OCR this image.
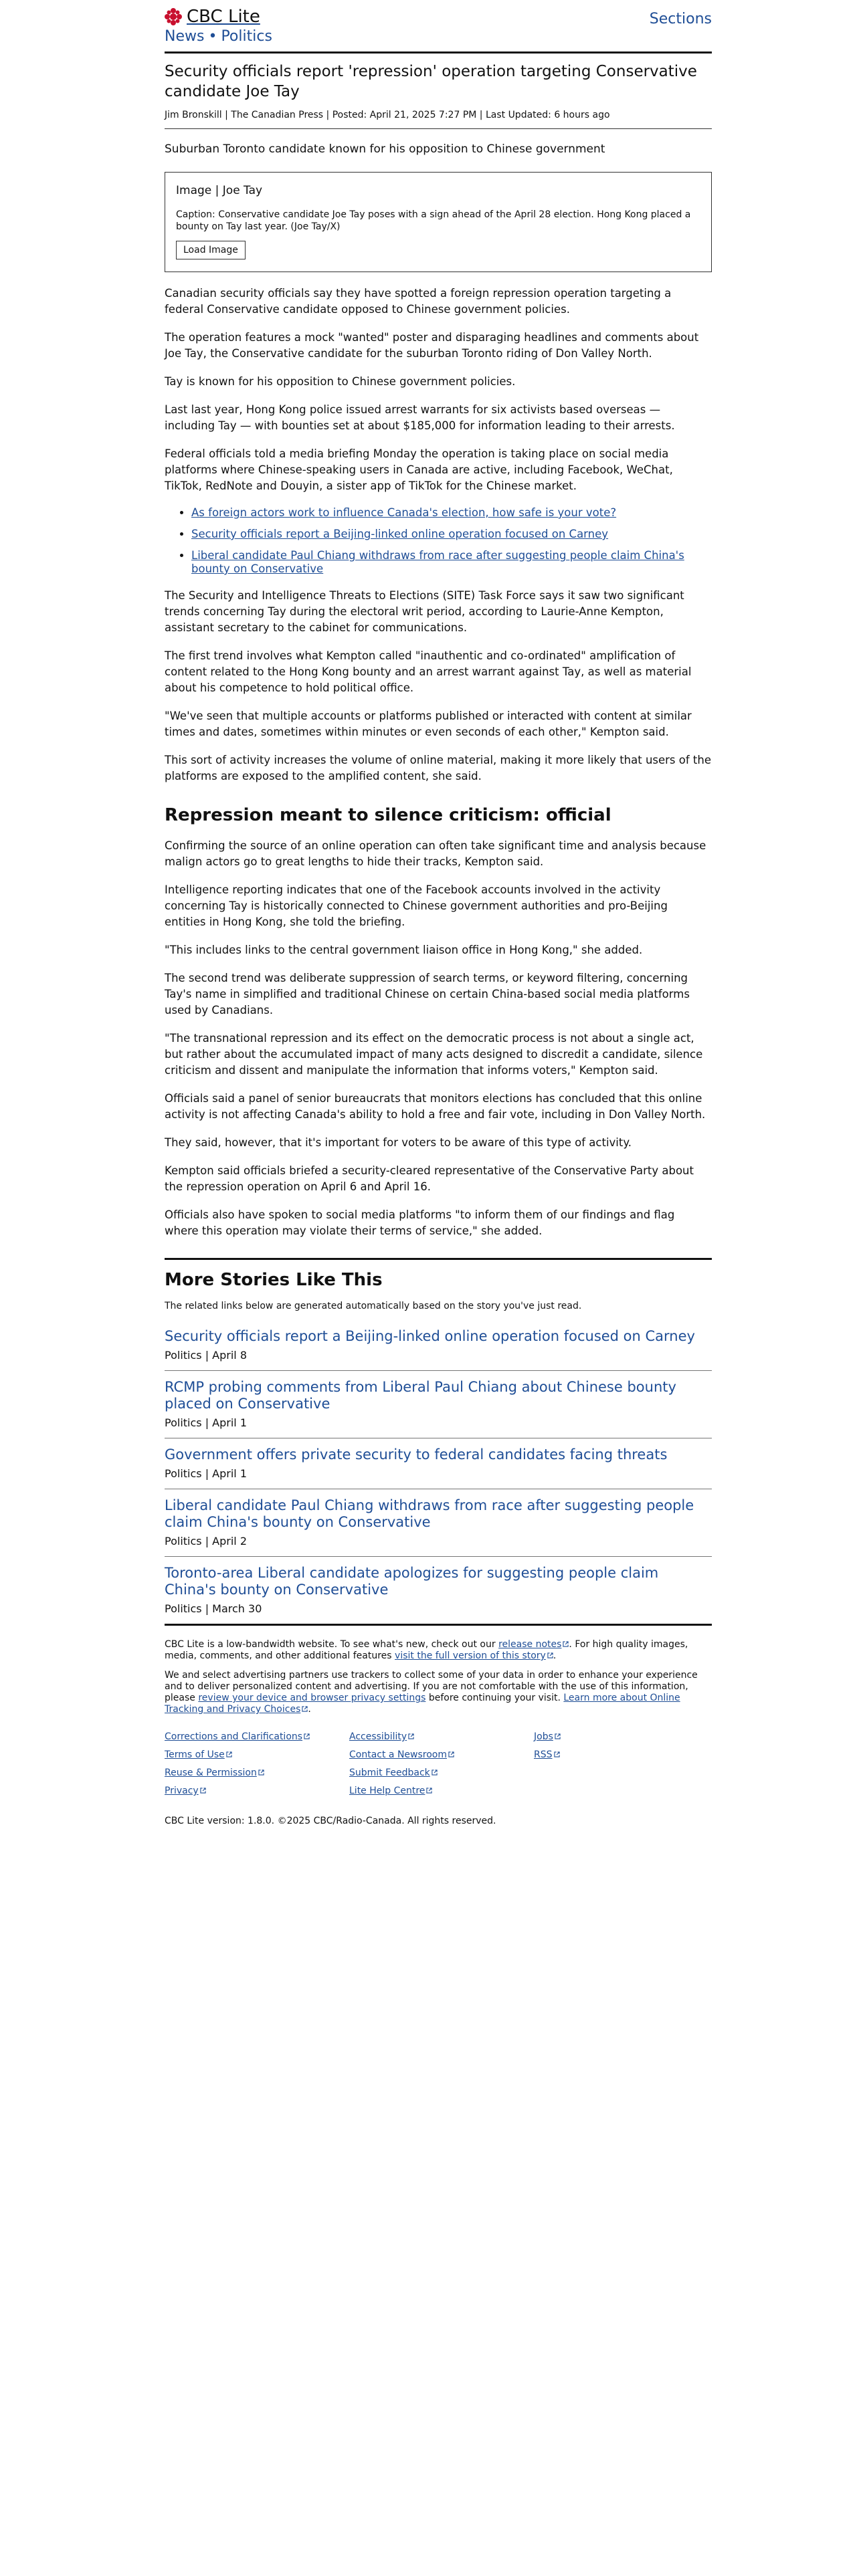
CBC Lite
News • Politics
Sections
Security officials report 'repression' operation targeting Conservative candidate Joe Tay
Jim Bronskill | The Canadian Press | Posted: April 21, 2025 7:27 PM | Last Updated: 6 hours ago

Suburban Toronto candidate known for his opposition to Chinese government

Image | Joe Tay
Caption: Conservative candidate Joe Tay poses with a sign ahead of the April 28 election. Hong Kong placed a bounty on Tay last year. (Joe Tay/X)
Load Image

Canadian security officials say they have spotted a foreign repression operation targeting a federal Conservative candidate opposed to Chinese government policies.

The operation features a mock "wanted" poster and disparaging headlines and comments about Joe Tay, the Conservative candidate for the suburban Toronto riding of Don Valley North.

Tay is known for his opposition to Chinese government policies.

Last last year, Hong Kong police issued arrest warrants for six activists based overseas — including Tay — with bounties set at about $185,000 for information leading to their arrests.

Federal officials told a media briefing Monday the operation is taking place on social media platforms where Chinese-speaking users in Canada are active, including Facebook, WeChat, TikTok, RedNote and Douyin, a sister app of TikTok for the Chinese market.

• As foreign actors work to influence Canada's election, how safe is your vote?
• Security officials report a Beijing-linked online operation focused on Carney
• Liberal candidate Paul Chiang withdraws from race after suggesting people claim China's bounty on Conservative

The Security and Intelligence Threats to Elections (SITE) Task Force says it saw two significant trends concerning Tay during the electoral writ period, according to Laurie-Anne Kempton, assistant secretary to the cabinet for communications.

The first trend involves what Kempton called "inauthentic and co-ordinated" amplification of content related to the Hong Kong bounty and an arrest warrant against Tay, as well as material about his competence to hold political office.

"We've seen that multiple accounts or platforms published or interacted with content at similar times and dates, sometimes within minutes or even seconds of each other," Kempton said.

This sort of activity increases the volume of online material, making it more likely that users of the platforms are exposed to the amplified content, she said.

Repression meant to silence criticism: official

Confirming the source of an online operation can often take significant time and analysis because malign actors go to great lengths to hide their tracks, Kempton said.

Intelligence reporting indicates that one of the Facebook accounts involved in the activity concerning Tay is historically connected to Chinese government authorities and pro-Beijing entities in Hong Kong, she told the briefing.

"This includes links to the central government liaison office in Hong Kong," she added.

The second trend was deliberate suppression of search terms, or keyword filtering, concerning Tay's name in simplified and traditional Chinese on certain China-based social media platforms used by Canadians.

"The transnational repression and its effect on the democratic process is not about a single act, but rather about the accumulated impact of many acts designed to discredit a candidate, silence criticism and dissent and manipulate the information that informs voters," Kempton said.

Officials said a panel of senior bureaucrats that monitors elections has concluded that this online activity is not affecting Canada's ability to hold a free and fair vote, including in Don Valley North.

They said, however, that it's important for voters to be aware of this type of activity.

Kempton said officials briefed a security-cleared representative of the Conservative Party about the repression operation on April 6 and April 16.

Officials also have spoken to social media platforms "to inform them of our findings and flag where this operation may violate their terms of service," she added.

More Stories Like This
The related links below are generated automatically based on the story you've just read.
Security officials report a Beijing-linked online operation focused on Carney
Politics | April 8
RCMP probing comments from Liberal Paul Chiang about Chinese bounty placed on Conservative
Politics | April 1
Government offers private security to federal candidates facing threats
Politics | April 1
Liberal candidate Paul Chiang withdraws from race after suggesting people claim China's bounty on Conservative
Politics | April 2
Toronto-area Liberal candidate apologizes for suggesting people claim China's bounty on Conservative
Politics | March 30

CBC Lite is a low-bandwidth website. To see what's new, check out our release notes . For high quality images, media, comments, and other additional features visit the full version of this story .

We and select advertising partners use trackers to collect some of your data in order to enhance your experience and to deliver personalized content and advertising. If you are not comfortable with the use of this information, please review your device and browser privacy settings before continuing your visit. Learn more about Online Tracking and Privacy Choices .

Corrections and Clarifications	Accessibility	Jobs
Terms of Use	Contact a Newsroom	RSS
Reuse & Permission	Submit Feedback
Privacy	Lite Help Centre
CBC Lite version: 1.8.0. ©2025 CBC/Radio-Canada. All rights reserved.
